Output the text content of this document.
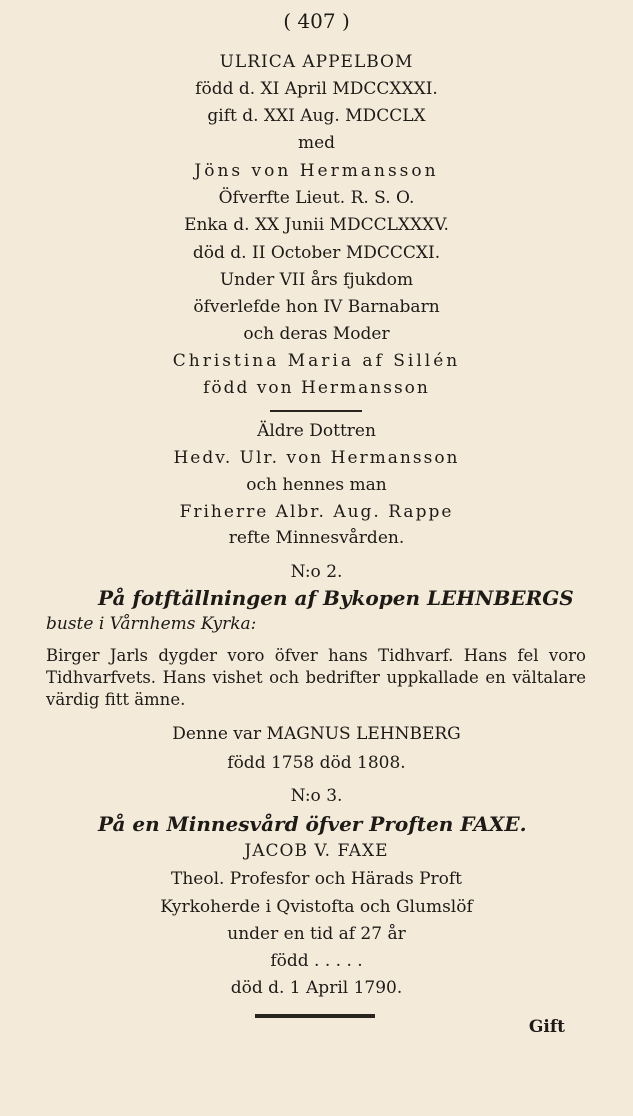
( 407 )
ULRICA APPELBOM
född d. XI April MDCCXXXI.
gift d. XXI Aug. MDCCLX
med
Jöns von Hermansson
Öfverfte Lieut. R. S. O.
Enka d. XX Junii MDCCLXXXV.
död d. II October MDCCCXI.
Under VII års fjukdom
öfverlefde hon IV Barnabarn
och deras Moder
Christina Maria af Sillén
född von Hermansson
Äldre Dottren
Hedv. Ulr. von Hermansson
och hennes man
Friherre Albr. Aug. Rappe
refte Minnesvården.
N:o 2.
På fotftällningen af Bykopen LEHNBERGS
buste i Vårnhems Kyrka:
Birger Jarls dygder voro öfver hans Tidhvarf. Hans fel voro Tidhvarfvets. Hans vishet och bedrifter uppkallade en vältalare värdig fitt ämne.
Denne var MAGNUS LEHNBERG
född 1758 död 1808.
N:o 3.
På en Minnesvård öfver Proften FAXE.
JACOB V. FAXE
Theol. Profesfor och Härads Proft
Kyrkoherde i Qvistofta och Glumslöf
under en tid af 27 år
född . . . . .
död d. 1 April 1790.
Gift
